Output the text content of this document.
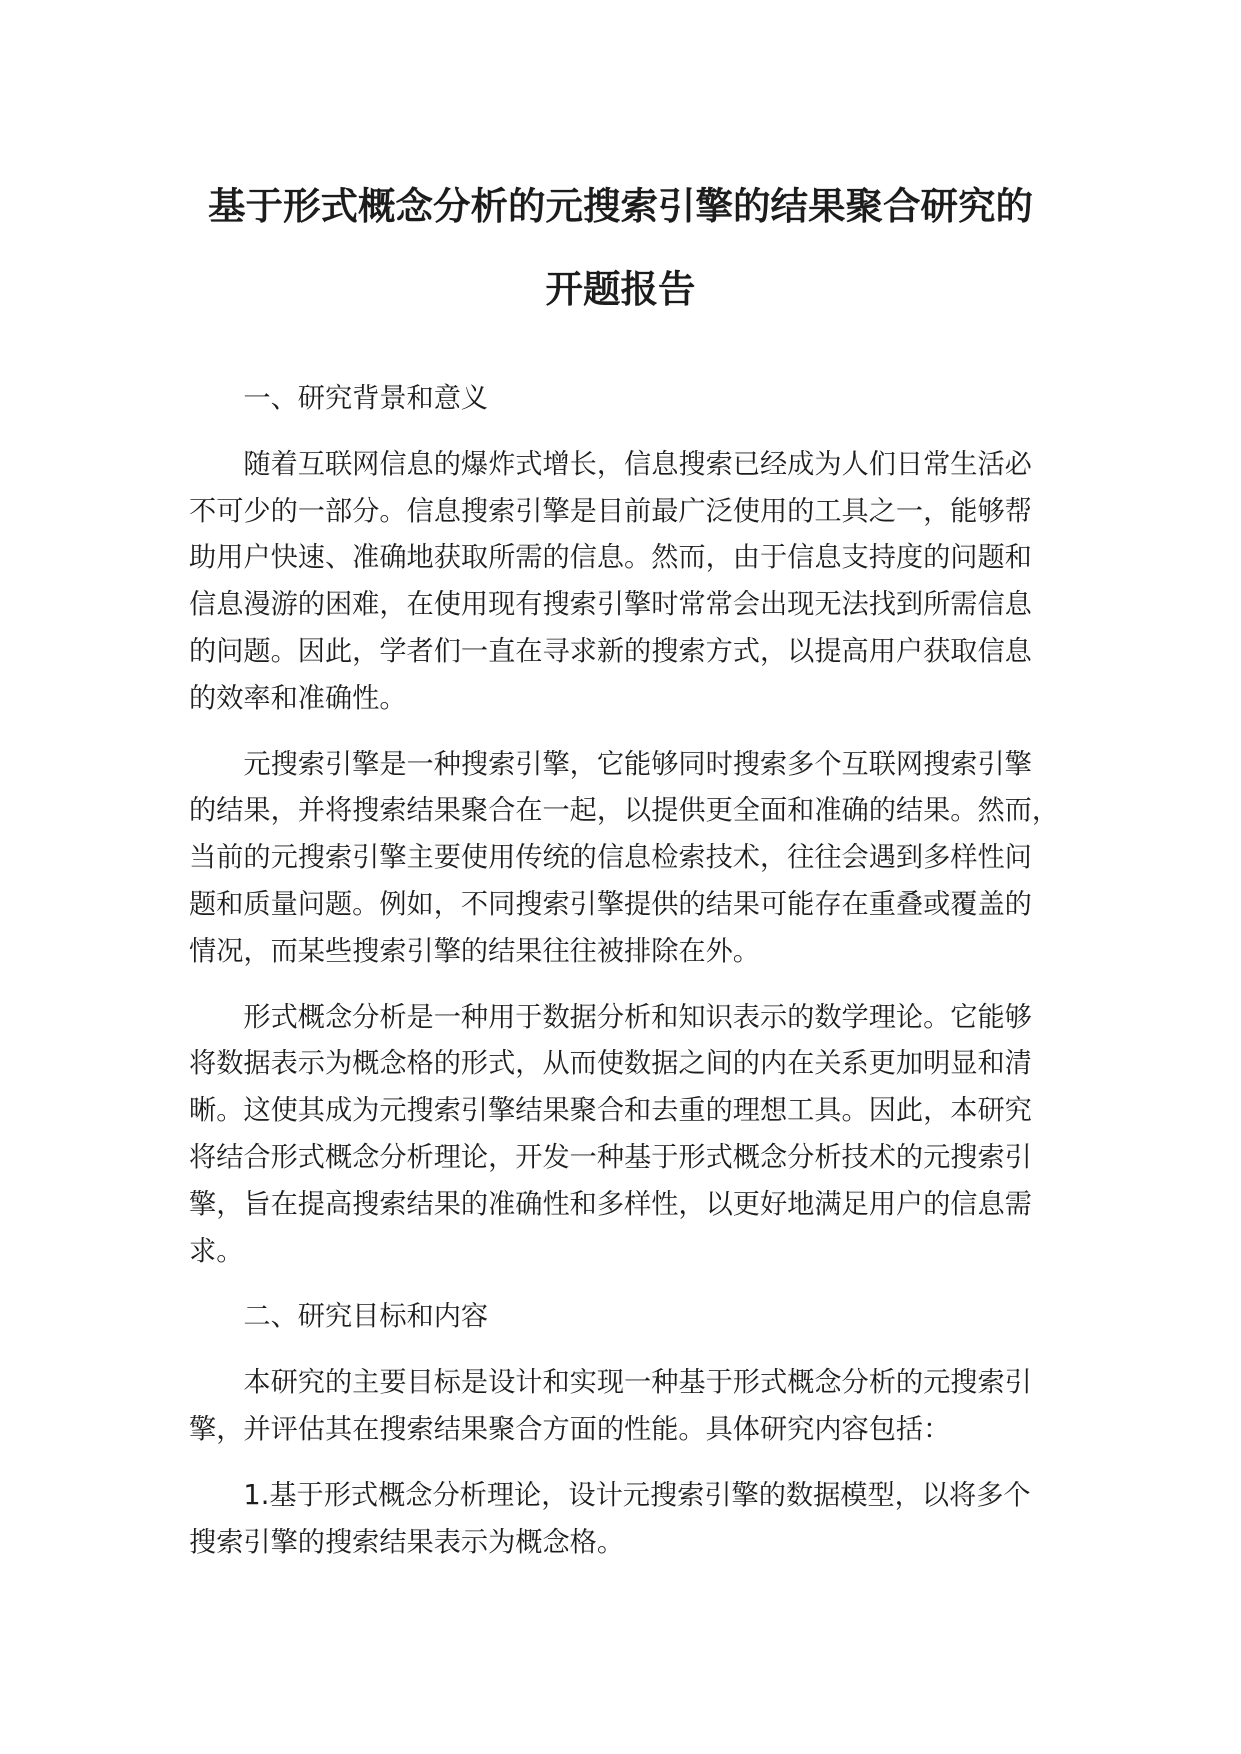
基于形式概念分析的元搜索引擎的结果聚合研究的
开题报告
一、研究背景和意义
随着互联网信息的爆炸式增长，信息搜索已经成为人们日常生活必
不可少的一部分。信息搜索引擎是目前最广泛使用的工具之一，能够帮
助用户快速、准确地获取所需的信息。然而，由于信息支持度的问题和
信息漫游的困难，在使用现有搜索引擎时常常会出现无法找到所需信息
的问题。因此，学者们一直在寻求新的搜索方式，以提高用户获取信息
的效率和准确性。
元搜索引擎是一种搜索引擎，它能够同时搜索多个互联网搜索引擎
的结果，并将搜索结果聚合在一起，以提供更全面和准确的结果。然而，
当前的元搜索引擎主要使用传统的信息检索技术，往往会遇到多样性问
题和质量问题。例如，不同搜索引擎提供的结果可能存在重叠或覆盖的
情况，而某些搜索引擎的结果往往被排除在外。
形式概念分析是一种用于数据分析和知识表示的数学理论。它能够
将数据表示为概念格的形式，从而使数据之间的内在关系更加明显和清
晰。这使其成为元搜索引擎结果聚合和去重的理想工具。因此，本研究
将结合形式概念分析理论，开发一种基于形式概念分析技术的元搜索引
擎，旨在提高搜索结果的准确性和多样性，以更好地满足用户的信息需
求。
二、研究目标和内容
本研究的主要目标是设计和实现一种基于形式概念分析的元搜索引
擎，并评估其在搜索结果聚合方面的性能。具体研究内容包括：
1.基于形式概念分析理论，设计元搜索引擎的数据模型，以将多个
搜索引擎的搜索结果表示为概念格。
